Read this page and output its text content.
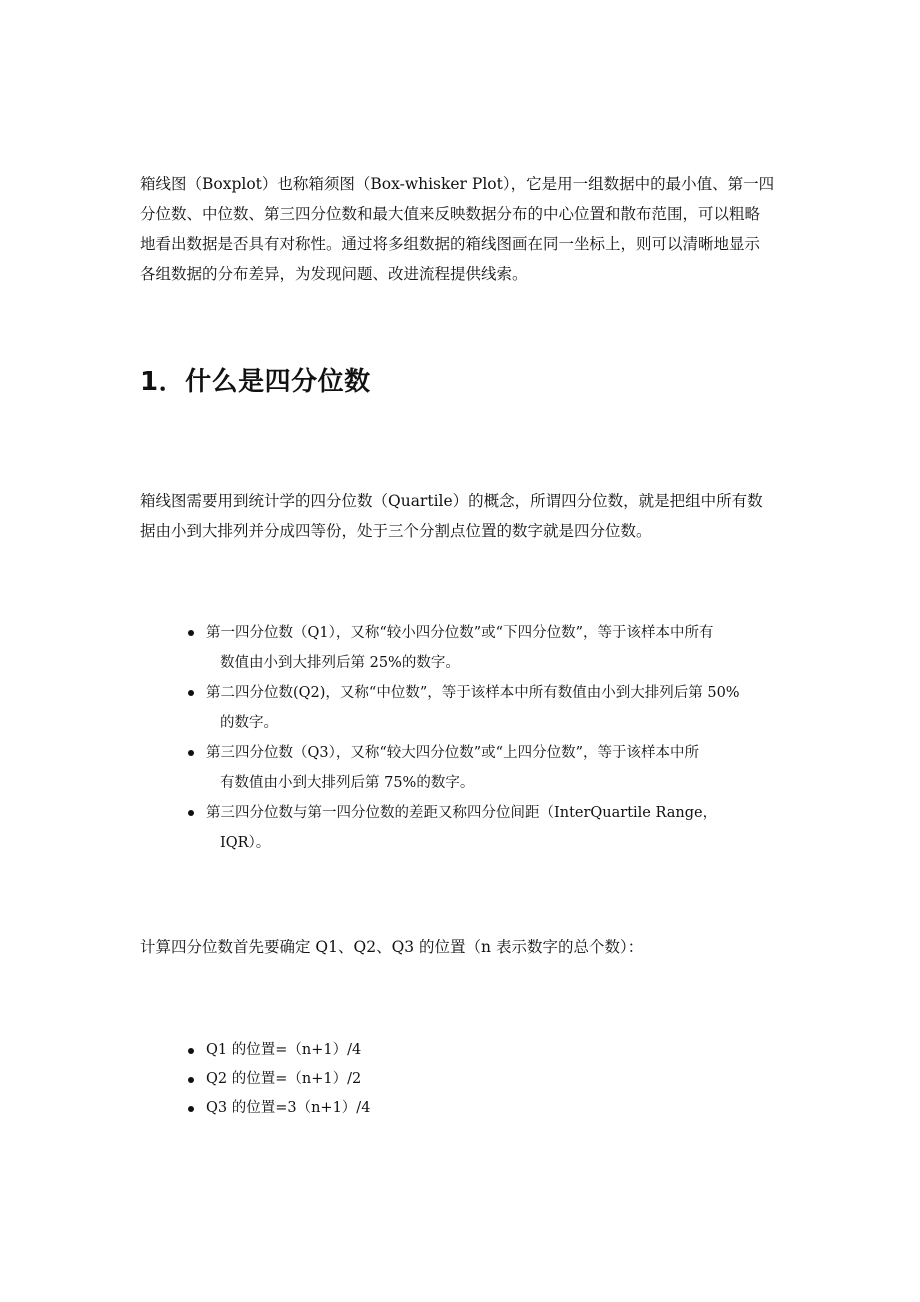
箱线图（Boxplot）也称箱须图（Box-whisker Plot），它是用一组数据中的最小值、第一四
分位数、中位数、第三四分位数和最大值来反映数据分布的中心位置和散布范围，可以粗略
地看出数据是否具有对称性。通过将多组数据的箱线图画在同一坐标上，则可以清晰地显示
各组数据的分布差异，为发现问题、改进流程提供线索。

1．什么是四分位数

箱线图需要用到统计学的四分位数（Quartile）的概念，所谓四分位数，就是把组中所有数
据由小到大排列并分成四等份，处于三个分割点位置的数字就是四分位数。

第一四分位数（Q1），又称“较小四分位数”或“下四分位数”，等于该样本中所有
数值由小到大排列后第 25%的数字。
第二四分位数(Q2)，又称“中位数”，等于该样本中所有数值由小到大排列后第 50%
的数字。
第三四分位数（Q3），又称“较大四分位数”或“上四分位数”，等于该样本中所
有数值由小到大排列后第 75%的数字。
第三四分位数与第一四分位数的差距又称四分位间距（InterQuartile Range，
IQR）。

计算四分位数首先要确定 Q1、Q2、Q3 的位置（n 表示数字的总个数）：

Q1 的位置=（n+1）/4
Q2 的位置=（n+1）/2
Q3 的位置=3（n+1）/4
